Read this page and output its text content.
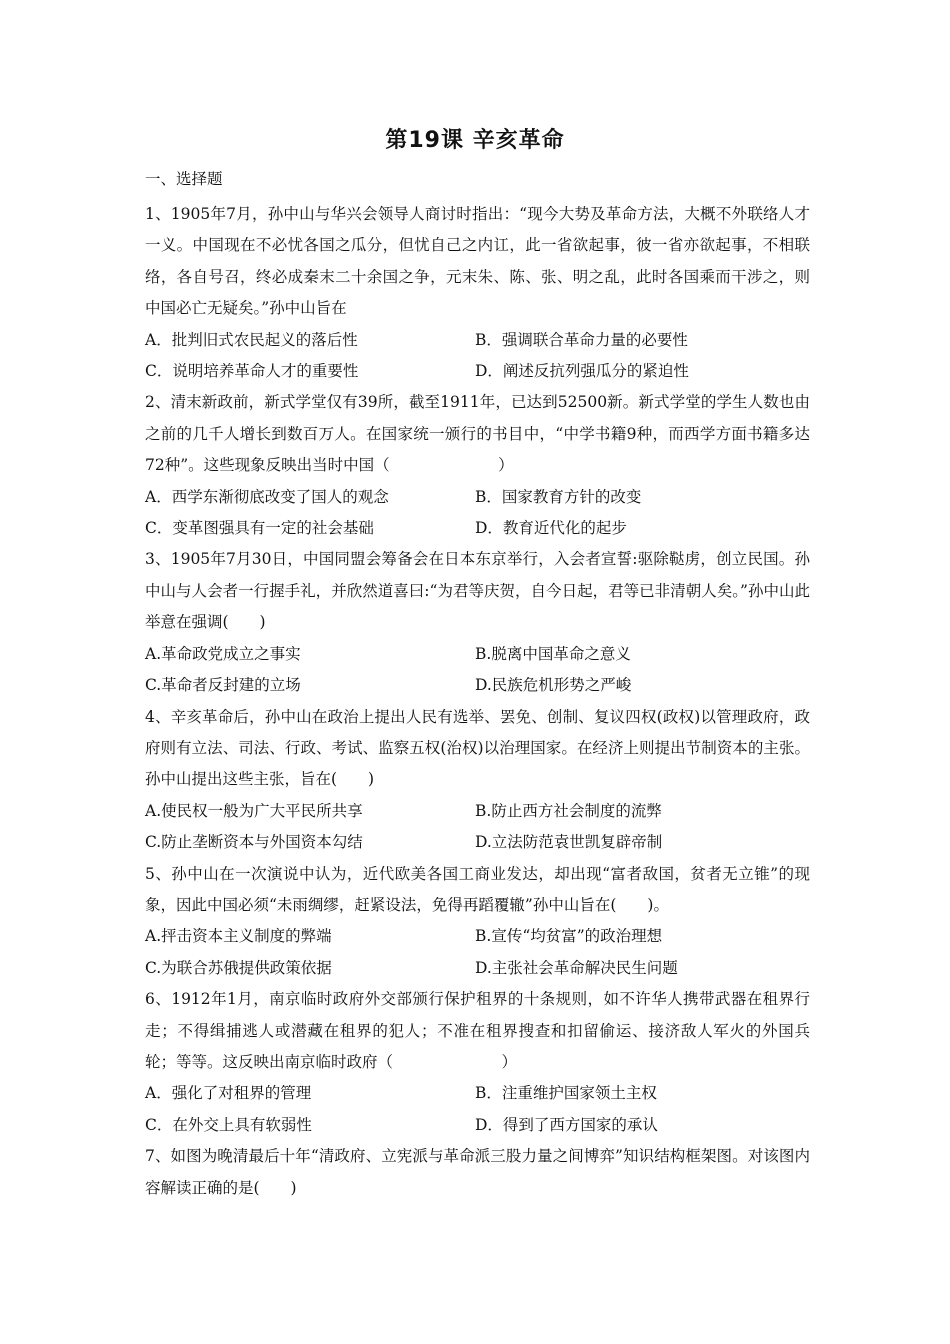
第19课 辛亥革命
一、选择题
1、1905年7月，孙中山与华兴会领导人商讨时指出：“现今大势及革命方法，大概不外联络人才一义。中国现在不必忧各国之瓜分，但忧自己之内讧，此一省欲起事，彼一省亦欲起事，不相联络，各自号召，终必成秦末二十余国之争，元末朱、陈、张、明之乱，此时各国乘而干涉之，则中国必亡无疑矣。”孙中山旨在
A．批判旧式农民起义的落后性	B．强调联合革命力量的必要性
C．说明培养革命人才的重要性	D．阐述反抗列强瓜分的紧迫性
2、清末新政前，新式学堂仅有39所，截至1911年，已达到52500新。新式学堂的学生人数也由之前的几千人增长到数百万人。在国家统一颁行的书目中，“中学书籍9种，而西学方面书籍多达72种”。这些现象反映出当时中国（　　　　　　　）
A．西学东渐彻底改变了国人的观念	B．国家教育方针的改变
C．变革图强具有一定的社会基础	D．教育近代化的起步
3、1905年7月30日，中国同盟会筹备会在日本东京举行，入会者宣誓:驱除鞑虏，创立民国。孙中山与人会者一行握手礼，并欣然道喜曰:“为君等庆贺，自今日起，君等已非清朝人矣。”孙中山此举意在强调(　　)
A.革命政党成立之事实	B.脱离中国革命之意义
C.革命者反封建的立场	D.民族危机形势之严峻
4、辛亥革命后，孙中山在政治上提出人民有选举、罢免、创制、复议四权(政权)以管理政府，政府则有立法、司法、行政、考试、监察五权(治权)以治理国家。在经济上则提出节制资本的主张。孙中山提出这些主张，旨在(　　)
A.使民权一般为广大平民所共享	B.防止西方社会制度的流弊
C.防止垄断资本与外国资本勾结	D.立法防范袁世凯复辟帝制
5、孙中山在一次演说中认为，近代欧美各国工商业发达，却出现“富者敌国，贫者无立锥”的现象，因此中国必须“未雨绸缪，赶紧设法，免得再蹈覆辙”孙中山旨在(　　)。
A.抨击资本主义制度的弊端	B.宣传“均贫富”的政治理想
C.为联合苏俄提供政策依据	D.主张社会革命解决民生问题
6、1912年1月，南京临时政府外交部颁行保护租界的十条规则，如不许华人携带武器在租界行走；不得缉捕逃人或潜藏在租界的犯人；不准在租界搜查和扣留偷运、接济敌人军火的外国兵轮；等等。这反映出南京临时政府（　　　　　　　）
A．强化了对租界的管理	B．注重维护国家领土主权
C．在外交上具有软弱性	D．得到了西方国家的承认
7、如图为晚清最后十年“清政府、立宪派与革命派三股力量之间博弈”知识结构框架图。对该图内容解读正确的是(　　)
